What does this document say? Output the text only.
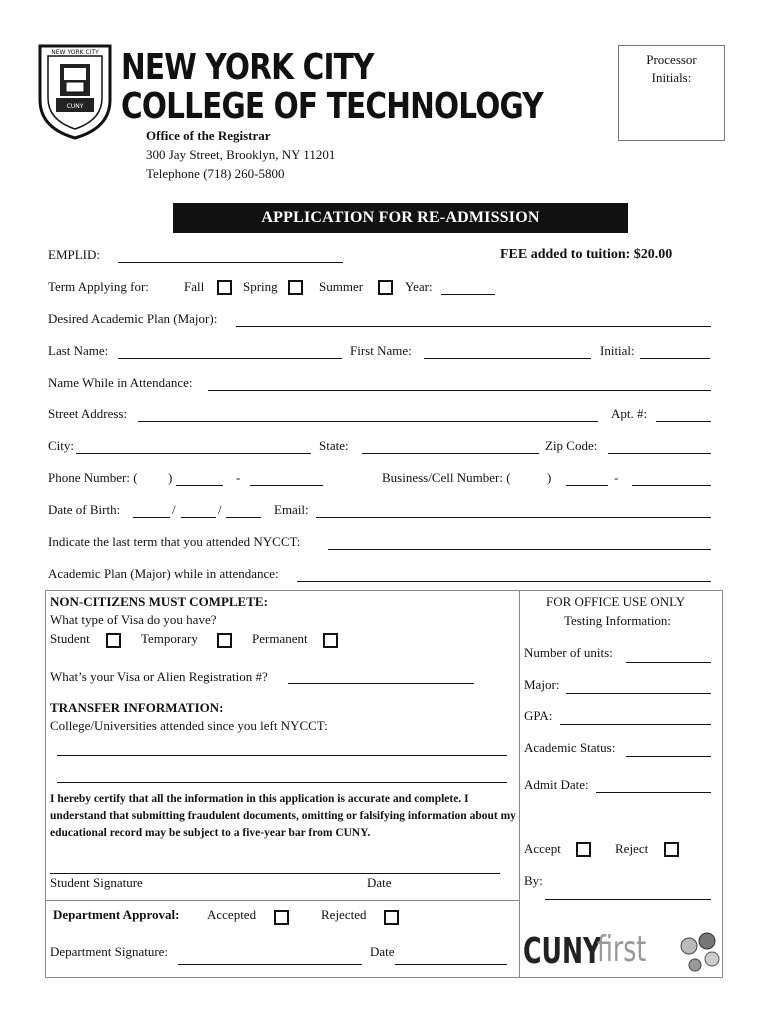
NEW YORK CITY
CUNY
NEW YORK CITY
COLLEGE OF TECHNOLOGY
Office of the Registrar
300 Jay Street, Brooklyn, NY 11201
Telephone (718) 260-5800
Processor
Initials:
APPLICATION FOR RE-ADMISSION
EMPLID:	FEE added to tuition: $20.00
Term Applying for:	Fall	Spring	Summer	Year:
Desired Academic Plan (Major):
Last Name:	First Name:	Initial:
Name While in Attendance:
Street Address:	Apt. #:
City:	State:	Zip Code:
Phone Number: ( )	-	Business/Cell Number: (	)	-
Date of Birth:	/	/	Email:
Indicate the last term that you attended NYCCT:
Academic Plan (Major) while in attendance:
NON-CITIZENS MUST COMPLETE:
What type of Visa do you have?
Student	Temporary	Permanent
What’s your Visa or Alien Registration #?
TRANSFER INFORMATION:
College/Universities attended since you left NYCCT:
I hereby certify that all the information in this application is accurate and complete. I understand that submitting fraudulent documents, omitting or falsifying information about my educational record may be subject to a five-year bar from CUNY.
Student Signature	Date
Department Approval: Accepted	Rejected
Department Signature:	Date
FOR OFFICE USE ONLY
Testing Information:
Number of units:
Major:
GPA:
Academic Status:
Admit Date:
Accept	Reject
By:
CUNY
first
